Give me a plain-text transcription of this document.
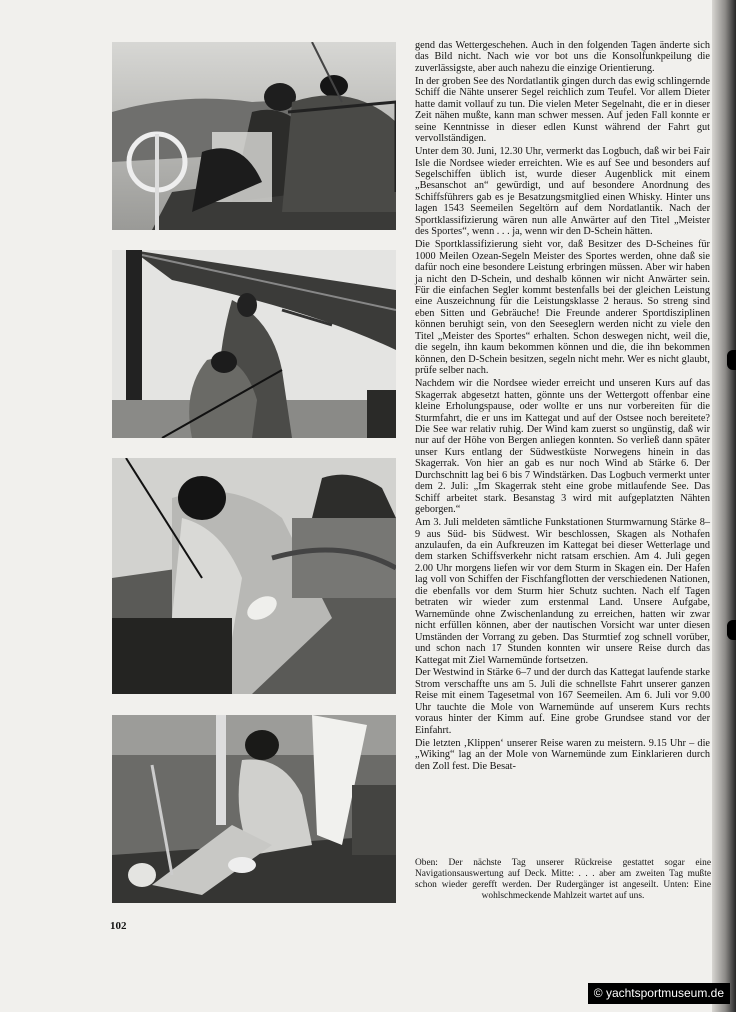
gend das Wettergeschehen. Auch in den folgenden Tagen änderte sich das Bild nicht. Nach wie vor bot uns die Konsolfunkpeilung die zuverlässigste, aber auch nahezu die einzige Orientierung.

In der groben See des Nordatlantik gingen durch das ewig schlingernde Schiff die Nähte unserer Segel reichlich zum Teufel. Vor allem Dieter hatte damit vollauf zu tun. Die vielen Meter Segelnaht, die er in dieser Zeit nähen mußte, kann man schwer messen. Auf jeden Fall konnte er seine Kenntnisse in dieser edlen Kunst während der Fahrt gut vervollständigen.

Unter dem 30. Juni, 12.30 Uhr, vermerkt das Logbuch, daß wir bei Fair Isle die Nordsee wieder erreichten. Wie es auf See und besonders auf Segelschiffen üblich ist, wurde dieser Augenblick mit einem „Besanschot an“ gewürdigt, und auf besondere Anordnung des Schiffsführers gab es je Besatzungsmitglied einen Whisky. Hinter uns lagen 1543 Seemeilen Segeltörn auf dem Nordatlantik. Nach der Sportklassifizierung wären nun alle Anwärter auf den Titel „Meister des Sportes“, wenn . . . ja, wenn wir den D-Schein hätten.

Die Sportklassifizierung sieht vor, daß Besitzer des D-Scheines für 1000 Meilen Ozean-Segeln Meister des Sportes werden, ohne daß sie dafür noch eine besondere Leistung erbringen müssen. Aber wir haben ja nicht den D-Schein, und deshalb können wir nicht Anwärter sein. Für die einfachen Segler kommt bestenfalls bei der gleichen Leistung eine Auszeichnung für die Leistungsklasse 2 heraus. So streng sind eben Sitten und Gebräuche! Die Freunde anderer Sportdisziplinen können beruhigt sein, von den Seeseglern werden nicht zu viele den Titel „Meister des Sportes“ erhalten. Schon deswegen nicht, weil die, die segeln, ihn kaum bekommen können und die, die ihn bekommen können, den D-Schein besitzen, segeln nicht mehr. Wer es nicht glaubt, prüfe selber nach.

Nachdem wir die Nordsee wieder erreicht und unseren Kurs auf das Skagerrak abgesetzt hatten, gönnte uns der Wettergott offenbar eine kleine Erholungspause, oder wollte er uns nur vorbereiten für die Sturmfahrt, die er uns im Kattegat und auf der Ostsee noch bereitete? Die See war relativ ruhig. Der Wind kam zuerst so ungünstig, daß wir nur auf der Höhe von Bergen anliegen konnten. So verließ dann später unser Kurs entlang der Südwestküste Norwegens hinein in das Skagerrak. Von hier an gab es nur noch Wind ab Stärke 6. Der Durchschnitt lag bei 6 bis 7 Windstärken. Das Logbuch vermerkt unter dem 2. Juli: „Im Skagerrak steht eine grobe mitlaufende See. Das Schiff arbeitet stark. Besanstag 3 wird mit aufgeplatzten Nähten geborgen.“

Am 3. Juli meldeten sämtliche Funkstationen Sturmwarnung Stärke 8–9 aus Süd- bis Südwest. Wir beschlossen, Skagen als Nothafen anzulaufen, da ein Aufkreuzen im Kattegat bei dieser Wetterlage und dem starken Schiffsverkehr nicht ratsam erschien. Am 4. Juli gegen 2.00 Uhr morgens liefen wir vor dem Sturm in Skagen ein. Der Hafen lag voll von Schiffen der Fischfangflotten der verschiedenen Nationen, die ebenfalls vor dem Sturm hier Schutz suchten. Nach elf Tagen betraten wir wieder zum erstenmal Land. Unsere Aufgabe, Warnemünde ohne Zwischenlandung zu erreichen, hatten wir zwar nicht erfüllen können, aber der nautischen Vorsicht war unter diesen Umständen der Vorrang zu geben. Das Sturmtief zog schnell vorüber, und schon nach 17 Stunden konnten wir unsere Reise durch das Kattegat mit Ziel Warnemünde fortsetzen.

Der Westwind in Stärke 6–7 und der durch das Kattegat laufende starke Strom verschaffte uns am 5. Juli die schnellste Fahrt unserer ganzen Reise mit einem Tagesetmal von 167 Seemeilen. Am 6. Juli vor 9.00 Uhr tauchte die Mole von Warnemünde auf unserem Kurs rechts voraus hinter der Kimm auf. Eine grobe Grundsee stand vor der Einfahrt.

Die letzten ‚Klippen‘ unserer Reise waren zu meistern. 9.15 Uhr – die „Wiking“ lag an der Mole von Warnemünde zum Einklarieren durch den Zoll fest. Die Besat-

Oben: Der nächste Tag unserer Rückreise gestattet sogar eine Navigationsauswertung auf Deck. Mitte: . . . aber am zweiten Tag mußte schon wieder gerefft werden. Der Rudergänger ist angeseilt. Unten: Eine wohlschmeckende Mahlzeit wartet auf uns.
102
© yachtsportmuseum.de
